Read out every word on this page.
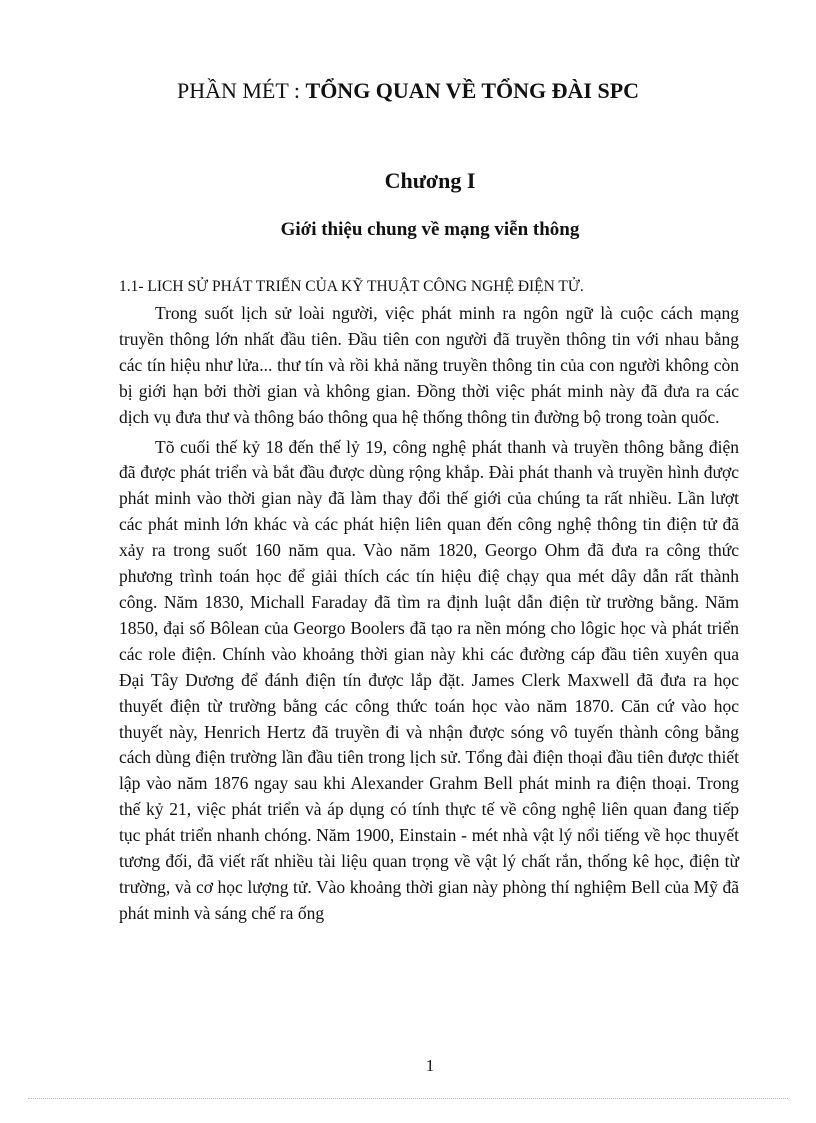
PHẦN MÉT : TỔNG QUAN VỀ TỔNG ĐÀI SPC
Chương I
Giới thiệu chung về mạng viễn thông
1.1- LICH SỬ PHÁT TRIỂN CỦA KỸ THUẬT CÔNG NGHỆ ĐIỆN TỬ.

Trong suốt lịch sử loài người, việc phát minh ra ngôn ngữ là cuộc cách mạng truyền thông lớn nhất đầu tiên. Đầu tiên con người đã truyền thông tin với nhau bằng các tín hiệu như lửa... thư tín và rồi khả năng truyền thông tin của con người không còn bị giới hạn bởi thời gian và không gian. Đồng thời việc phát minh này đã đưa ra các dịch vụ đưa thư và thông báo thông qua hệ thống thông tin đường bộ trong toàn quốc.

Tõ cuối thế kỷ 18 đến thế lỷ 19, công nghệ phát thanh và truyền thông bằng điện đã được phát triển và bắt đầu được dùng rộng khắp. Đài phát thanh và truyền hình được phát minh vào thời gian này đã làm thay đổi thế giới của chúng ta rất nhiều. Lần lượt các phát minh lớn khác và các phát hiện liên quan đến công nghệ thông tin điện tử đã xảy ra trong suốt 160 năm qua. Vào năm 1820, Georgo Ohm đã đưa ra công thức phương trình toán học để giải thích các tín hiệu điệ chạy qua mét dây dẫn rất thành công. Năm 1830, Michall Faraday đã tìm ra định luật dẫn điện từ trường bằng. Năm 1850, đại số Bôlean của Georgo Boolers đã tạo ra nền móng cho lôgic học và phát triển các role điện. Chính vào khoảng thời gian này khi các đường cáp đầu tiên xuyên qua Đại Tây Dương để đánh điện tín được lắp đặt. James Clerk Maxwell đã đưa ra học thuyết điện từ trường bằng các công thức toán học vào năm 1870. Căn cứ vào học thuyết này, Henrich Hertz đã truyền đi và nhận được sóng vô tuyến thành công bằng cách dùng điện trường lần đầu tiên trong lịch sử. Tổng đài điện thoại đầu tiên được thiết lập vào năm 1876 ngay sau khi Alexander Grahm Bell phát minh ra điện thoại. Trong thế kỷ 21, việc phát triển và áp dụng có tính thực tế về công nghệ liên quan đang tiếp tục phát triển nhanh chóng. Năm 1900, Einstain - mét nhà vật lý nổi tiếng về học thuyết tương đối, đã viết rất nhiều tài liệu quan trọng về vật lý chất rắn, thống kê học, điện từ trường, và cơ học lượng tử. Vào khoảng thời gian này phòng thí nghiệm Bell của Mỹ đã phát minh và sáng chế ra ống

1
